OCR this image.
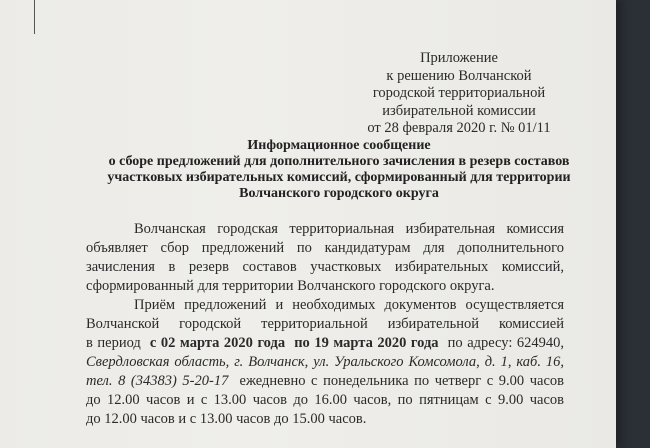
Приложение
к решению Волчанской
городской территориальной
избирательной комиссии
от 28 февраля 2020 г. № 01/11
Информационное сообщение
о сборе предложений для дополнительного зачисления в резерв составов
участковых избирательных комиссий, сформированный для территории
Волчанского городского округа
Волчанская городская территориальная избирательная комиссия
объявляет сбор предложений по кандидатурам для дополнительного
зачисления в резерв составов участковых избирательных комиссий,
сформированный для территории Волчанского городского округа.
Приём предложений и необходимых документов осуществляется
Волчанской городской территориальной избирательной комиссией
в период с 02 марта 2020 года по 19 марта 2020 года по адресу: 624940,
Свердловская область, г. Волчанск, ул. Уральского Комсомола, д. 1, каб. 16,
тел. 8 (34383) 5-20-17 ежедневно с понедельника по четверг с 9.00 часов
до 12.00 часов и с 13.00 часов до 16.00 часов, по пятницам с 9.00 часов
до 12.00 часов и с 13.00 часов до 15.00 часов.
